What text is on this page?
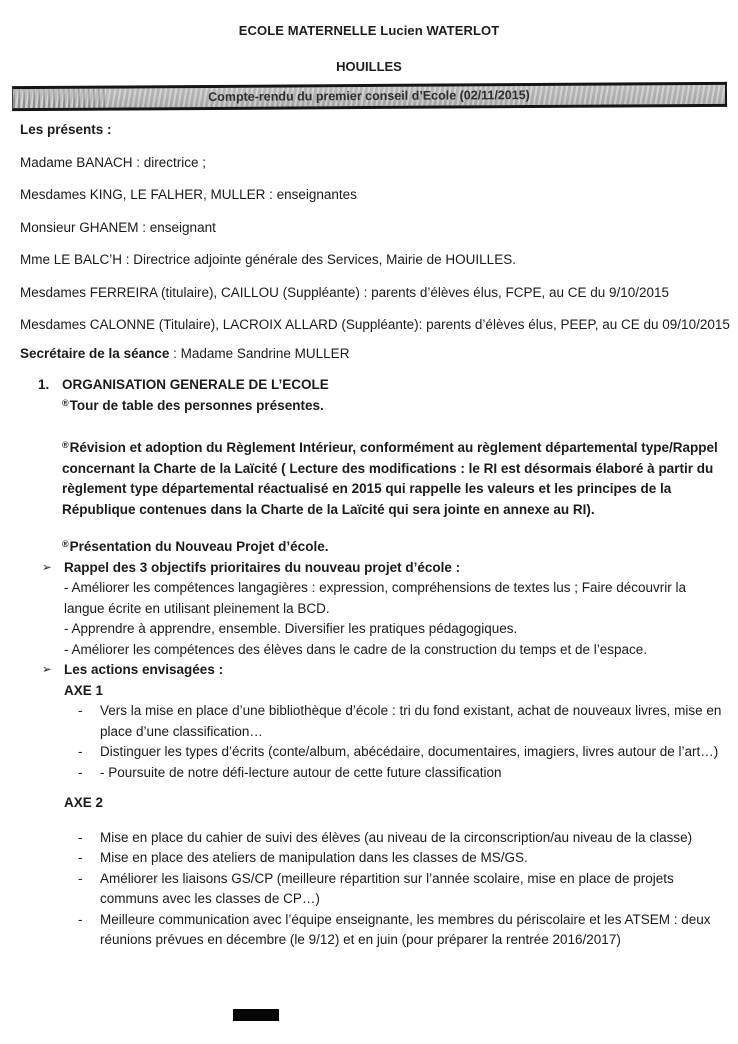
ECOLE MATERNELLE Lucien WATERLOT
HOUILLES
Compte-rendu du premier conseil d’Ecole (02/11/2015)

Les présents :

Madame BANACH : directrice ;

Mesdames KING, LE FALHER, MULLER : enseignantes

Monsieur GHANEM : enseignant

Mme LE BALC’H : Directrice adjointe générale des Services, Mairie de HOUILLES.

Mesdames FERREIRA (titulaire), CAILLOU (Suppléante) : parents d’élèves élus, FCPE, au CE du 9/10/2015

Mesdames CALONNE (Titulaire), LACROIX ALLARD (Suppléante): parents d’élèves élus, PEEP, au CE du 09/10/2015

Secrétaire de la séance : Madame Sandrine MULLER

1. ORGANISATION GENERALE DE L’ECOLE

®Tour de table des personnes présentes.

®Révision et adoption du Règlement Intérieur, conformément au règlement départemental type/Rappel concernant la Charte de la Laïcité ( Lecture des modifications : le RI est désormais élaboré à partir du règlement type départemental réactualisé en 2015 qui rappelle les valeurs et les principes de la République contenues dans la Charte de la Laïcité qui sera jointe en annexe au RI).

®Présentation du Nouveau Projet d’école.

➢ Rappel des 3 objectifs prioritaires du nouveau projet d’école :
- Améliorer les compétences langagières : expression, compréhensions de textes lus ; Faire découvrir la langue écrite en utilisant pleinement la BCD.
- Apprendre à apprendre, ensemble. Diversifier les pratiques pédagogiques.
- Améliorer les compétences des élèves dans le cadre de la construction du temps et de l’espace.
➢ Les actions envisagées :
AXE 1
-	Vers la mise en place d’une bibliothèque d’école : tri du fond existant, achat de nouveaux livres, mise en place d’une classification…
-	Distinguer les types d’écrits (conte/album, abécédaire, documentaires, imagiers, livres autour de l’art…)
-	- Poursuite de notre défi-lecture autour de cette future classification
AXE 2
-	Mise en place du cahier de suivi des élèves (au niveau de la circonscription/au niveau de la classe)
-	Mise en place des ateliers de manipulation dans les classes de MS/GS.
-	Améliorer les liaisons GS/CP (meilleure répartition sur l’année scolaire, mise en place de projets communs avec les classes de CP…)
-	Meilleure communication avec l’équipe enseignante, les membres du périscolaire et les ATSEM : deux réunions prévues en décembre (le 9/12) et en juin (pour préparer la rentrée 2016/2017)
